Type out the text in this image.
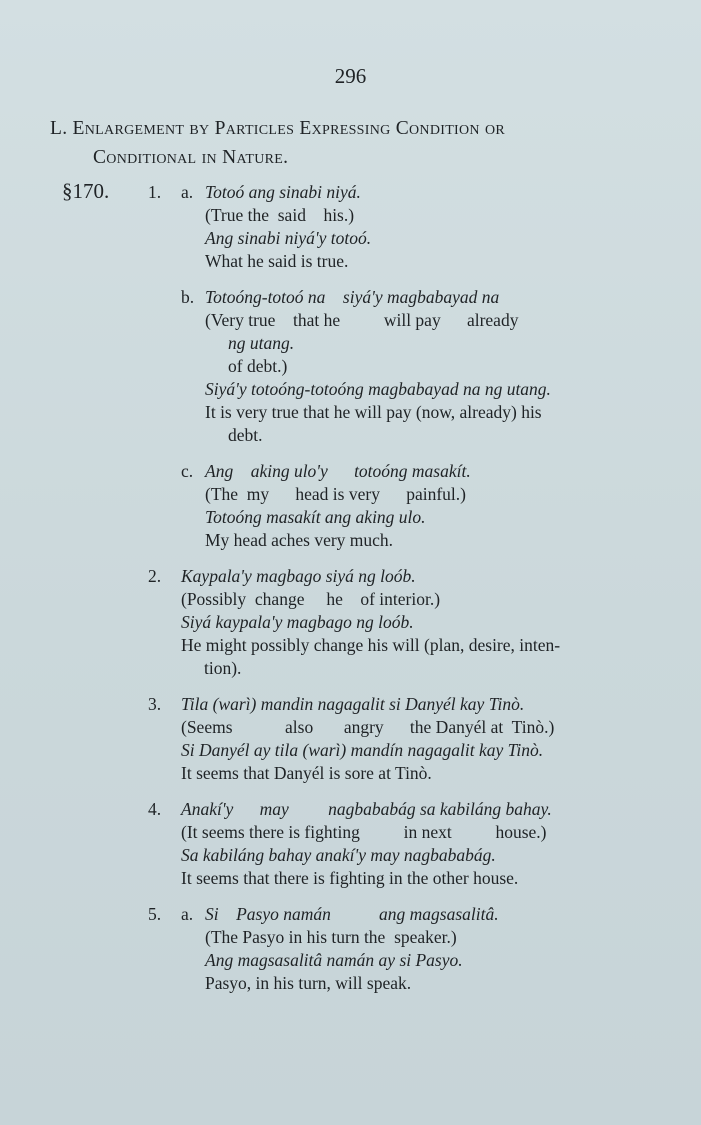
296
L. Enlargement by Particles Expressing Condition or
Conditional in Nature.
§170. 1. a. Totoó ang sinabi niyá.
(True the  said    his.)
Ang sinabi niyá'y totoó.
What he said is true.
b. Totoóng-totoó na    siyá'y magbabayad na
(Very true    that he          will pay      already
ng utang.
of debt.)
Siyá'y totoóng-totoóng magbabayad na ng utang.
It is very true that he will pay (now, already) his
debt.
c. Ang    aking ulo'y      totoóng masakít.
(The  my      head is very      painful.)
Totoóng masakít ang aking ulo.
My head aches very much.
2. Kaypala'y magbago siyá ng loób.
(Possibly  change     he    of interior.)
Siyá kaypala'y magbago ng loób.
He might possibly change his will (plan, desire, inten-
tion).
3. Tila (warì) mandin nagagalit si Danyél kay Tinò.
(Seems            also       angry      the Danyél at  Tinò.)
Si Danyél ay tila (warì) mandín nagagalit kay Tinò.
It seems that Danyél is sore at Tinò.
4. Anakí'y      may         nagbababág sa kabiláng bahay.
(It seems there is fighting          in next          house.)
Sa kabiláng bahay anakí'y may nagbababág.
It seems that there is fighting in the other house.
5. a. Si    Pasyo namán           ang magsasalitâ.
(The Pasyo in his turn the  speaker.)
Ang magsasalitâ namán ay si Pasyo.
Pasyo, in his turn, will speak.
